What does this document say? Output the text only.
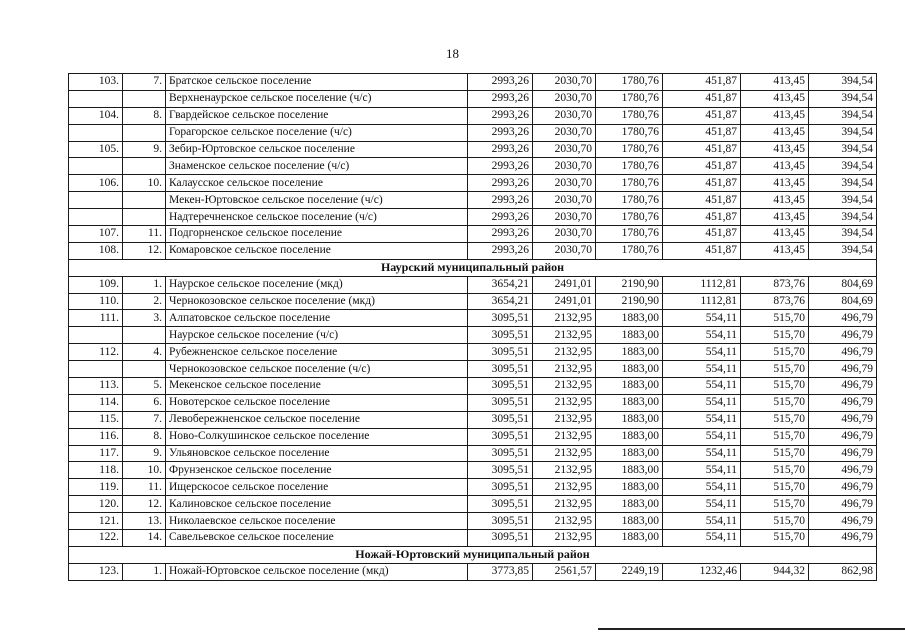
18
103.	7.	Братское сельское поселение	2993,26	2030,70	1780,76	451,87	413,45	394,54
		Верхненаурское сельское поселение (ч/с)	2993,26	2030,70	1780,76	451,87	413,45	394,54
104.	8.	Гвардейское сельское поселение	2993,26	2030,70	1780,76	451,87	413,45	394,54
		Горагорское сельское поселение (ч/с)	2993,26	2030,70	1780,76	451,87	413,45	394,54
105.	9.	Зебир-Юртовское сельское поселение	2993,26	2030,70	1780,76	451,87	413,45	394,54
		Знаменское сельское поселение (ч/с)	2993,26	2030,70	1780,76	451,87	413,45	394,54
106.	10.	Калаусское сельское поселение	2993,26	2030,70	1780,76	451,87	413,45	394,54
		Мекен-Юртовское сельское поселение (ч/с)	2993,26	2030,70	1780,76	451,87	413,45	394,54
		Надтеречненское сельское поселение (ч/с)	2993,26	2030,70	1780,76	451,87	413,45	394,54
107.	11.	Подгорненское сельское поселение	2993,26	2030,70	1780,76	451,87	413,45	394,54
108.	12.	Комаровское сельское поселение	2993,26	2030,70	1780,76	451,87	413,45	394,54
Наурский муниципальный район								
109.	1.	Наурское сельское поселение (мкд)	3654,21	2491,01	2190,90	1112,81	873,76	804,69
110.	2.	Чернокозовское сельское поселение (мкд)	3654,21	2491,01	2190,90	1112,81	873,76	804,69
111.	3.	Алпатовское сельское поселение	3095,51	2132,95	1883,00	554,11	515,70	496,79
		Наурское сельское поселение (ч/с)	3095,51	2132,95	1883,00	554,11	515,70	496,79
112.	4.	Рубежненское сельское поселение	3095,51	2132,95	1883,00	554,11	515,70	496,79
		Чернокозовское сельское поселение (ч/с)	3095,51	2132,95	1883,00	554,11	515,70	496,79
113.	5.	Мекенское сельское поселение	3095,51	2132,95	1883,00	554,11	515,70	496,79
114.	6.	Новотерское сельское поселение	3095,51	2132,95	1883,00	554,11	515,70	496,79
115.	7.	Левобережненское сельское поселение	3095,51	2132,95	1883,00	554,11	515,70	496,79
116.	8.	Ново-Солкушинское сельское поселение	3095,51	2132,95	1883,00	554,11	515,70	496,79
117.	9.	Ульяновское сельское поселение	3095,51	2132,95	1883,00	554,11	515,70	496,79
118.	10.	Фрунзенское сельское поселение	3095,51	2132,95	1883,00	554,11	515,70	496,79
119.	11.	Ищерскосое сельское поселение	3095,51	2132,95	1883,00	554,11	515,70	496,79
120.	12.	Калиновское сельское поселение	3095,51	2132,95	1883,00	554,11	515,70	496,79
121.	13.	Николаевское сельское поселение	3095,51	2132,95	1883,00	554,11	515,70	496,79
122.	14.	Савельевское сельское поселение	3095,51	2132,95	1883,00	554,11	515,70	496,79
Ножай-Юртовский муниципальный район								
123.	1.	Ножай-Юртовское сельское поселение (мкд)	3773,85	2561,57	2249,19	1232,46	944,32	862,98
